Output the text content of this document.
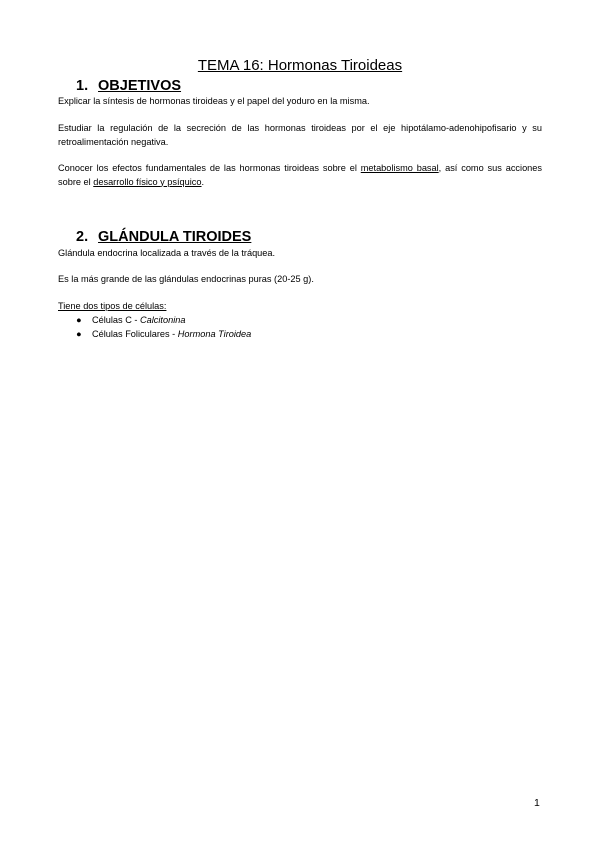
TEMA 16: Hormonas Tiroideas
1. OBJETIVOS
Explicar la síntesis de hormonas tiroideas y el papel del yoduro en la misma.
Estudiar la regulación de la secreción de las hormonas tiroideas por el eje hipotálamo-adenohipofisario y su retroalimentación negativa.
Conocer los efectos fundamentales de las hormonas tiroideas sobre el metabolismo basal, así como sus acciones sobre el desarrollo físico y psíquico.
2. GLÁNDULA TIROIDES
Glándula endocrina localizada a través de la tráquea.
Es la más grande de las glándulas endocrinas puras (20-25 g).
Tiene dos tipos de células:
● Células C - Calcitonina
● Células Foliculares - Hormona Tiroidea
1
